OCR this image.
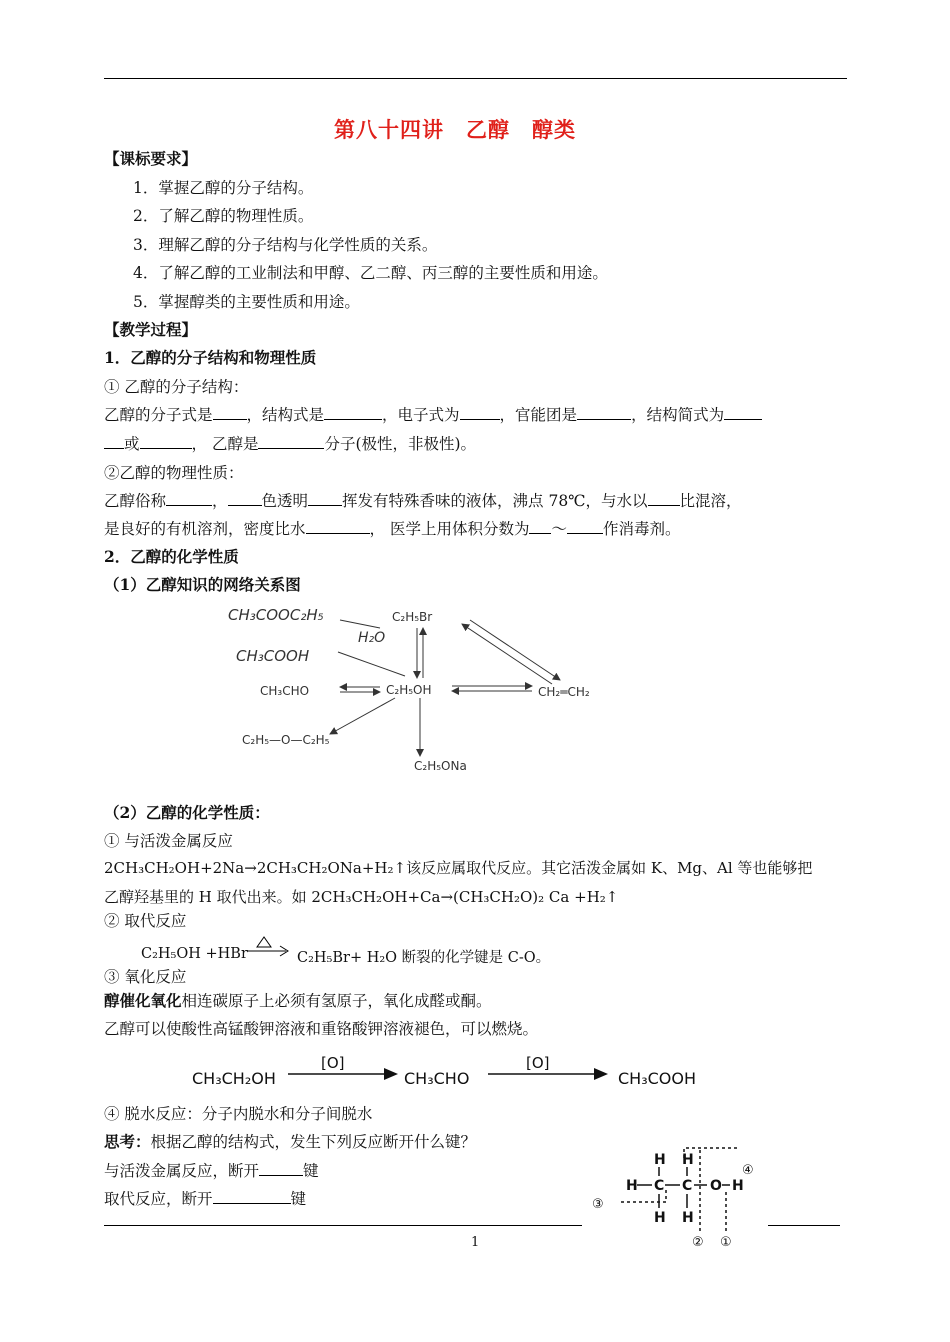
第八十四讲　乙醇　醇类
【课标要求】
1．掌握乙醇的分子结构。
2．了解乙醇的物理性质。
3．理解乙醇的分子结构与化学性质的关系。
4．了解乙醇的工业制法和甲醇、乙二醇、丙三醇的主要性质和用途。
5．掌握醇类的主要性质和用途。
【教学过程】
1．乙醇的分子结构和物理性质
① 乙醇的分子结构：
乙醇的分子式是 ，结构式是	，电子式为	，官能团是	，结构简式为
或	， 乙醇是	分子(极性，非极性)。
②乙醇的物理性质：
乙醇俗称	， 色透明 挥发有特殊香味的液体，沸点 78℃，与水以 比混溶，
是良好的有机溶剂，密度比水	， 医学上用体积分数为 ～ 作消毒剂。
2．乙醇的化学性质
（1）乙醇知识的网络关系图
CH₃COOC₂H₅
H₂O
CH₃COOH
CH₃CHO	C₂H₅OH
C₂H₅Br
CH₂═CH₂
C₂H₅—O—C₂H₅
C₂H₅ONa
（2）乙醇的化学性质：
① 与活泼金属反应
2CH₃CH₂OH+2Na→2CH₃CH₂ONa+H₂↑该反应属取代反应。其它活泼金属如 K、Mg、Al 等也能够把
乙醇羟基里的 H 取代出来。如 2CH₃CH₂OH+Ca→(CH₃CH₂O)₂ Ca +H₂↑
② 取代反应
C₂H₅OH +HBr	C₂H₅Br+ H₂O 断裂的化学键是 C-O。
③ 氧化反应
醇催化氧化相连碳原子上必须有氢原子，氧化成醛或酮。
乙醇可以使酸性高锰酸钾溶液和重铬酸钾溶液褪色，可以燃烧。
CH₃CH₂OH
[O]
CH₃CHO
[O]
CH₃COOH
④ 脱水反应：分子内脱水和分子间脱水
思考：根据乙醇的结构式，发生下列反应断开什么键？
与活泼金属反应，断开	键
取代反应，断开	键
H H
H C C O H
H H
④
③
② ①
1
